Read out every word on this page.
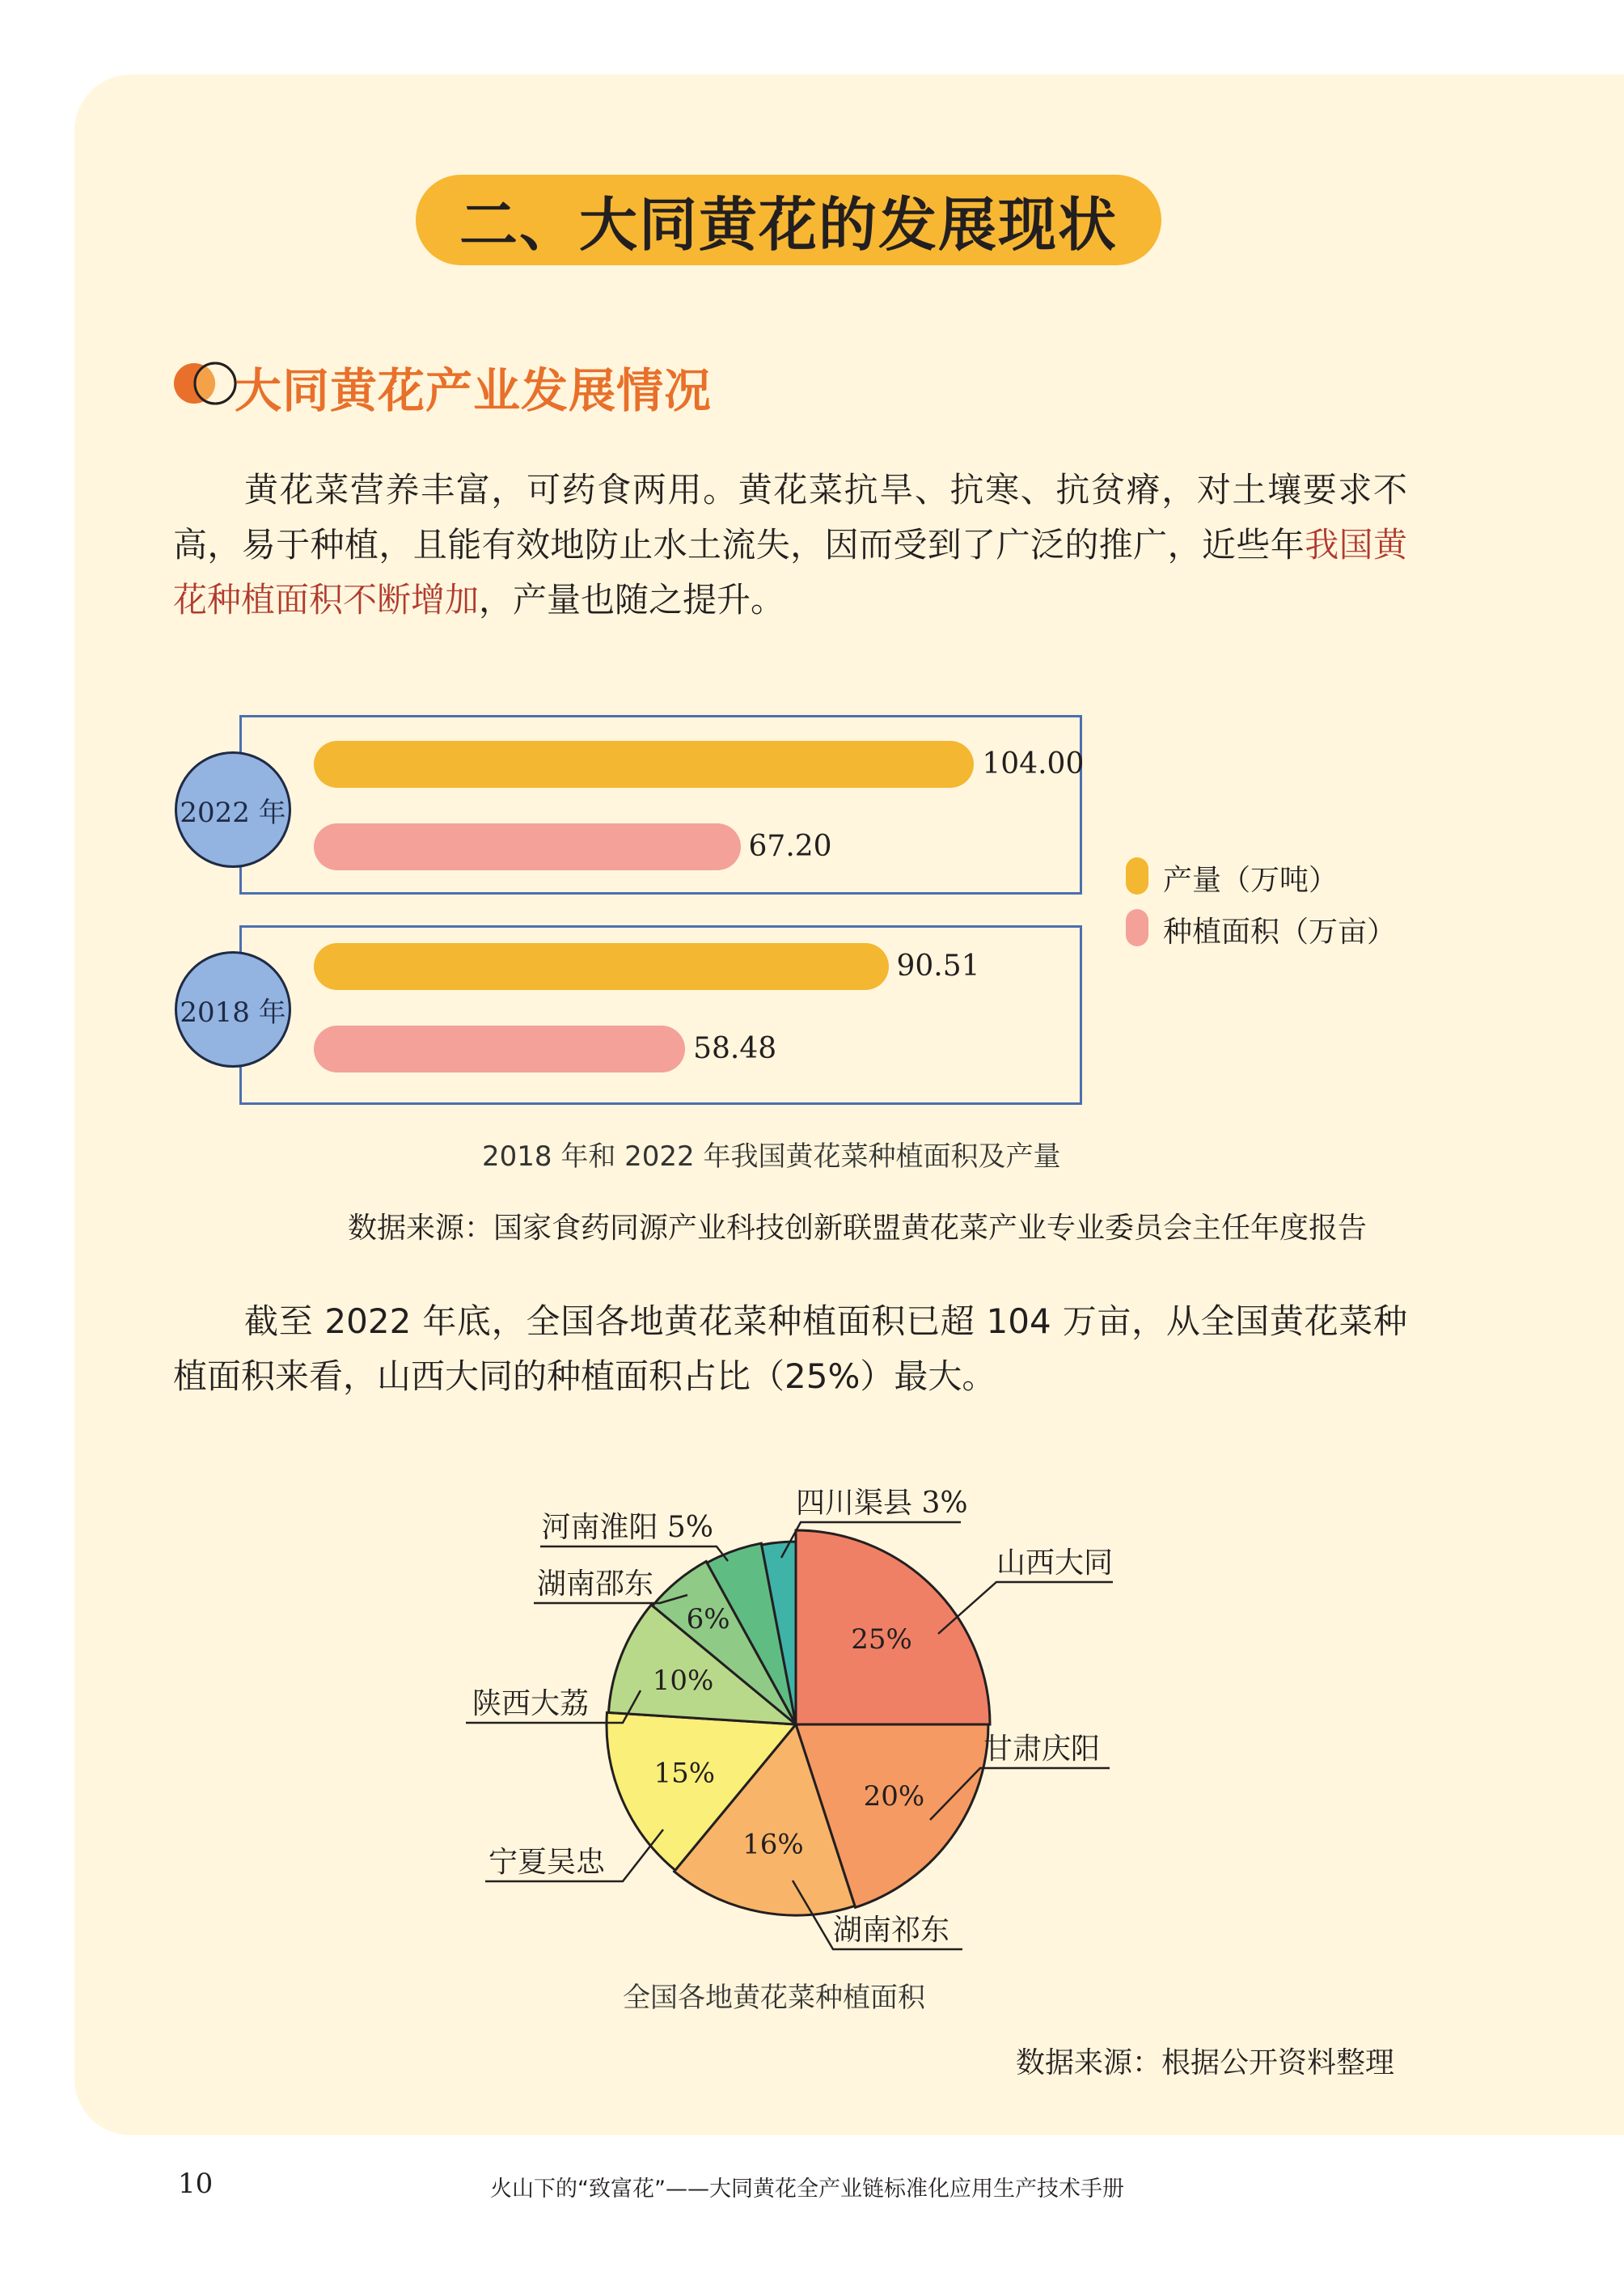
二、大同黄花的发展现状
大同黄花产业发展情况

黄花菜营养丰富，可药食两用。黄花菜抗旱、抗寒、抗贫瘠，对土壤要求不高，易于种植，且能有效地防止水土流失，因而受到了广泛的推广，近些年我国黄花种植面积不断增加，产量也随之提升。

2022 年
2018 年
104.00
67.20
90.51
58.48
产量（万吨）
种植面积（万亩）
2018 年和 2022 年我国黄花菜种植面积及产量
数据来源：国家食药同源产业科技创新联盟黄花菜产业专业委员会主任年度报告

截至 2022 年底，全国各地黄花菜种植面积已超 104 万亩，从全国黄花菜种植面积来看，山西大同的种植面积占比（25%）最大。

25%
20%
16%
15%
10%
6%
山西大同
甘肃庆阳
湖南祁东
宁夏吴忠
陕西大荔
湖南邵东
河南淮阳 5%
四川渠县 3%
全国各地黄花菜种植面积
数据来源：根据公开资料整理
10	火山下的“致富花”——大同黄花全产业链标准化应用生产技术手册
